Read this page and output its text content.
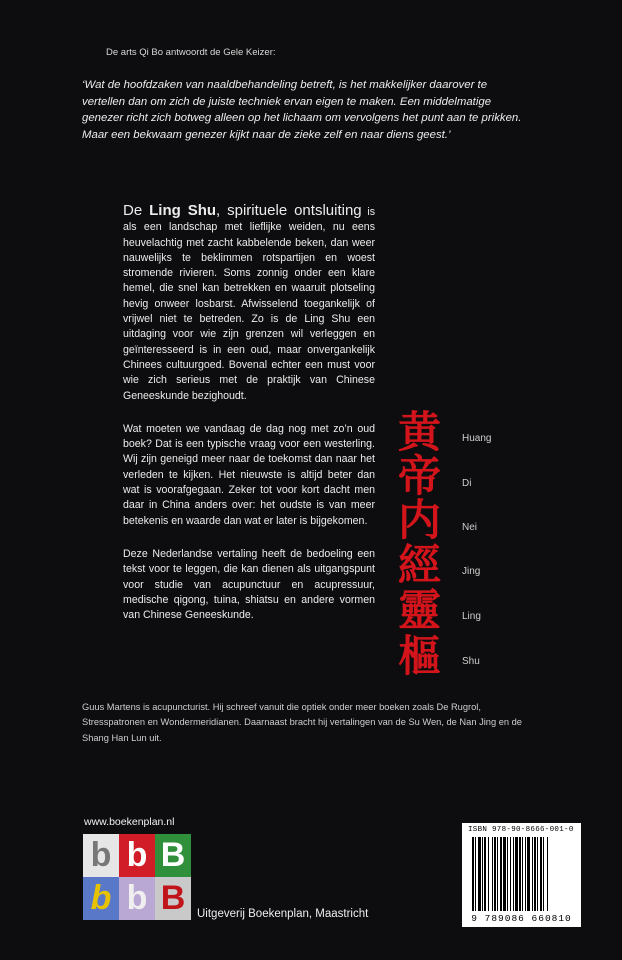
De arts Qi Bo antwoordt de Gele Keizer:

‘Wat de hoofdzaken van naaldbehandeling betreft, is het makkelijker daarover te vertellen dan om zich de juiste techniek ervan eigen te maken. Een middelmatige genezer richt zich botweg alleen op het lichaam om vervolgens het punt aan te prikken. Maar een bekwaam genezer kijkt naar de zieke zelf en naar diens geest.’

De Ling Shu, spirituele ontsluiting is als een landschap met lieflijke weiden, nu eens heuvelachtig met zacht kabbelende beken, dan weer nauwelijks te beklimmen rotspartijen en woest stromende rivieren. Soms zonnig onder een klare hemel, die snel kan betrekken en waaruit plotseling hevig onweer losbarst. Afwisselend toegankelijk of vrijwel niet te betreden. Zo is de Ling Shu een uitdaging voor wie zijn grenzen wil verleggen en geïnteresseerd is in een oud, maar onvergankelijk Chinees cultuurgoed. Bovenal echter een must voor wie zich serieus met de praktijk van Chinese Geneeskunde bezighoudt.

Wat moeten we vandaag de dag nog met zo’n oud boek? Dat is een typische vraag voor een westerling. Wij zijn geneigd meer naar de toekomst dan naar het verleden te kijken. Het nieuwste is altijd beter dan wat is voorafgegaan. Zeker tot voor kort dacht men daar in China anders over: het oudste is van meer betekenis en waarde dan wat er later is bijgekomen.

Deze Nederlandse vertaling heeft de bedoeling een tekst voor te leggen, die kan dienen als uitgangspunt voor studie van acupunctuur en acupressuur, medische qigong, tuina, shiatsu en andere vormen van Chinese Geneeskunde.

黄
帝
内
經
靈
樞
Huang
Di
Nei
Jing
Ling
Shu

Guus Martens is acupuncturist. Hij schreef vanuit die optiek onder meer boeken zoals De Rugrol, Stresspatronen en Wondermeridianen. Daarnaast bracht hij vertalingen van de Su Wen, de Nan Jing en de Shang Han Lun uit.

www.boekenplan.nl
b b B
b b B	Uitgeverij Boekenplan, Maastricht
ISBN 978-90-8666-001-0
9 789086 660810
